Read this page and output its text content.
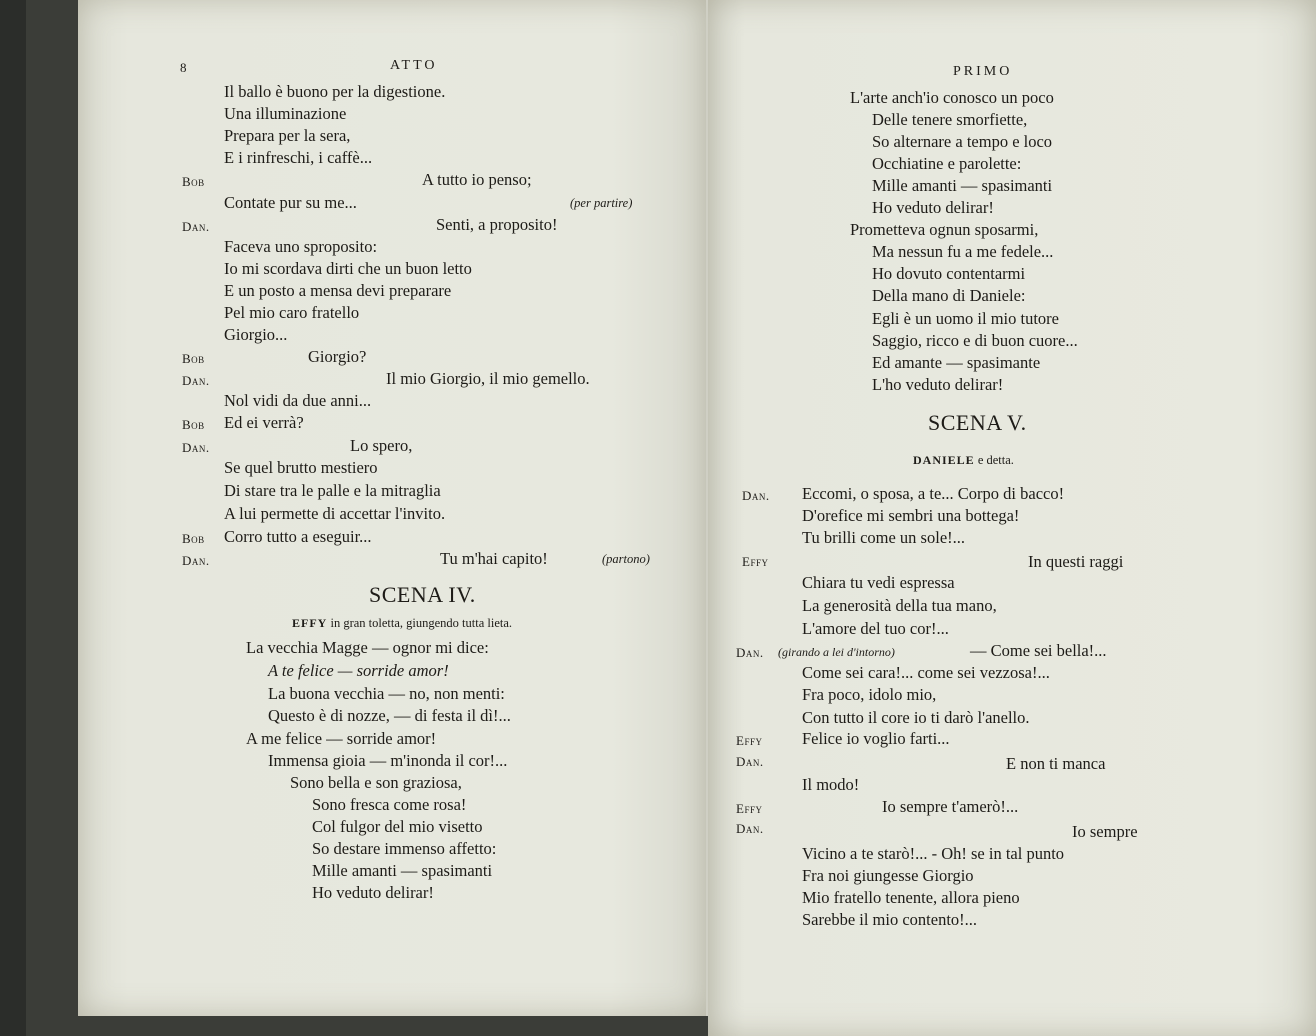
8	ATTO
Il ballo è buono per la digestione.
Una illuminazione
Prepara per la sera,
E i rinfreschi, i caffè...
Bob	A tutto io penso;
Contate pur su me...	(per partire)
Dan.	Senti, a proposito!
Faceva uno sproposito:
Io mi scordava dirti che un buon letto
E un posto a mensa devi preparare
Pel mio caro fratello
Giorgio...
Bob	Giorgio?
Dan.	Il mio Giorgio, il mio gemello.
Nol vidi da due anni...
Bob Ed ei verrà?
Dan.	Lo spero,
Se quel brutto mestiero
Di stare tra le palle e la mitraglia
A lui permette di accettar l'invito.
Bob Corro tutto a eseguir...
Dan.	Tu m'hai capito!	(partono)
SCENA IV.
EFFY in gran toletta, giungendo tutta lieta.
La vecchia Magge — ognor mi dice:
A te felice — sorride amor!
La buona vecchia — no, non menti:
Questo è di nozze, — di festa il dì!...
A me felice — sorride amor!
Immensa gioia — m'inonda il cor!...
Sono bella e son graziosa,
Sono fresca come rosa!
Col fulgor del mio visetto
So destare immenso affetto:
Mille amanti — spasimanti
Ho veduto delirar!
PRIMO
L'arte anch'io conosco un poco
Delle tenere smorfiette,
So alternare a tempo e loco
Occhiatine e parolette:
Mille amanti — spasimanti
Ho veduto delirar!
Prometteva ognun sposarmi,
Ma nessun fu a me fedele...
Ho dovuto contentarmi
Della mano di Daniele:
Egli è un uomo il mio tutore
Saggio, ricco e di buon cuore...
Ed amante — spasimante
L'ho veduto delirar!
SCENA V.
DANIELE e detta.
Dan. Eccomi, o sposa, a te... Corpo di bacco!
D'orefice mi sembri una bottega!
Tu brilli come un sole!...
Effy	In questi raggi
Chiara tu vedi espressa
La generosità della tua mano,
L'amore del tuo cor!...
Dan. (girando a lei d'intorno)	— Come sei bella!...
Come sei cara!... come sei vezzosa!...
Fra poco, idolo mio,
Con tutto il core io ti darò l'anello.
Effy Felice io voglio farti...
Dan.	E non ti manca
Il modo!
Effy	Io sempre t'amerò!...
Dan.	Io sempre
Vicino a te starò!... - Oh! se in tal punto
Fra noi giungesse Giorgio
Mio fratello tenente, allora pieno
Sarebbe il mio contento!...
